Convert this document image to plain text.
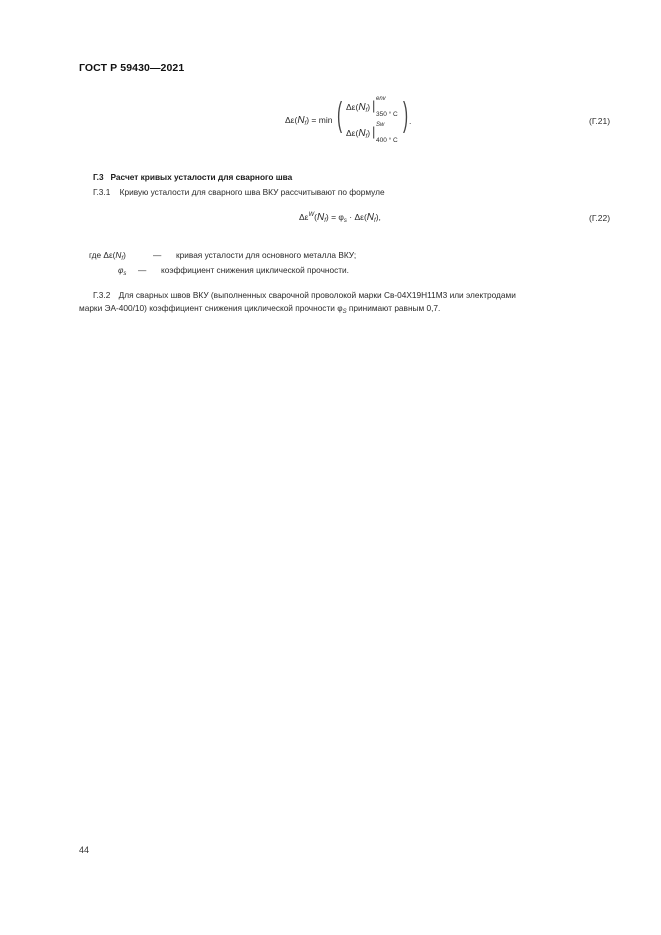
ГОСТ Р 59430—2021
$\Delta\varepsilon(N_f) = \min$ ( $\Delta\varepsilon(N_f)$ | env
350 ° C
$\Delta\varepsilon(N_f)$ | Sw
400 ° C
) .	(Г.21)
Г.3   Расчет кривых усталости для сварного шва
Г.3.1 Кривую усталости для сварного шва ВКУ рассчитывают по формуле
$\Delta\varepsilon^W(N_f) = \varphi_s \cdot \Delta\varepsilon(N_f)$,	(Г.22)
где $\Delta\varepsilon(N_f)$	— кривая усталости для основного металла ВКУ;
$\varphi_s$ — коэффициент снижения циклической прочности.
Г.3.2 Для сварных швов ВКУ (выполненных сварочной проволокой марки Св-04Х19Н11М3 или электродами
марки ЭА-400/10) коэффициент снижения циклической прочности $\varphi_S$ принимают равным 0,7.
44
